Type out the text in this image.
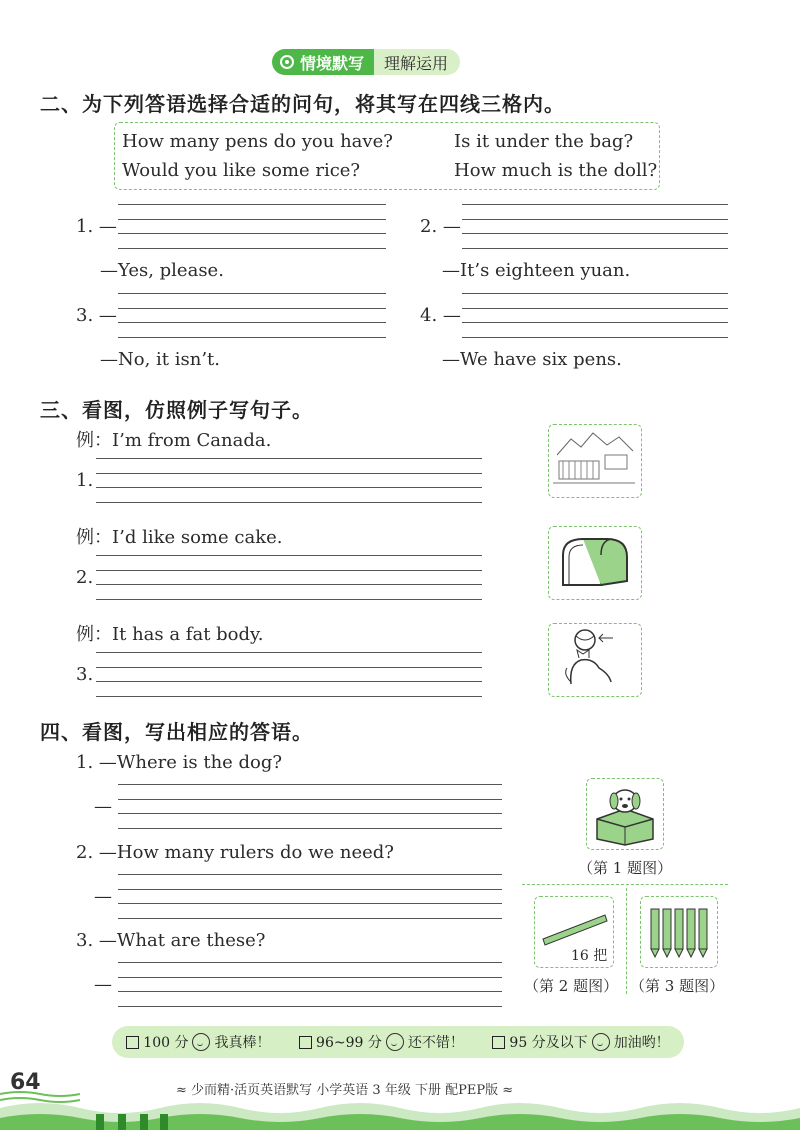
情境默写	理解运用
二、为下列答语选择合适的问句，将其写在四线三格内。
How many pens do you have?	Is it under the bag?
Would you like some rice?	How much is the doll?
1. —
—Yes, please.
2. —
—It’s eighteen yuan.
3. —
—No, it isn’t.
4. —
—We have six pens.
三、看图，仿照例子写句子。
例：I’m from Canada.
1.
例：I’d like some cake.
2.
例：It has a fat body.
3.
四、看图，写出相应的答语。
1. —Where is the dog?
—
2. —How many rulers do we need?
—
3. —What are these?
—
（第 1 题图）
16 把
（第 2 题图） （第 3 题图）
100 分 我真棒！	96~99 分 还不错！	95 分及以下 加油哟！
64	≈ 少而精·活页英语默写 小学英语 3 年级 下册 配PEP版 ≈
